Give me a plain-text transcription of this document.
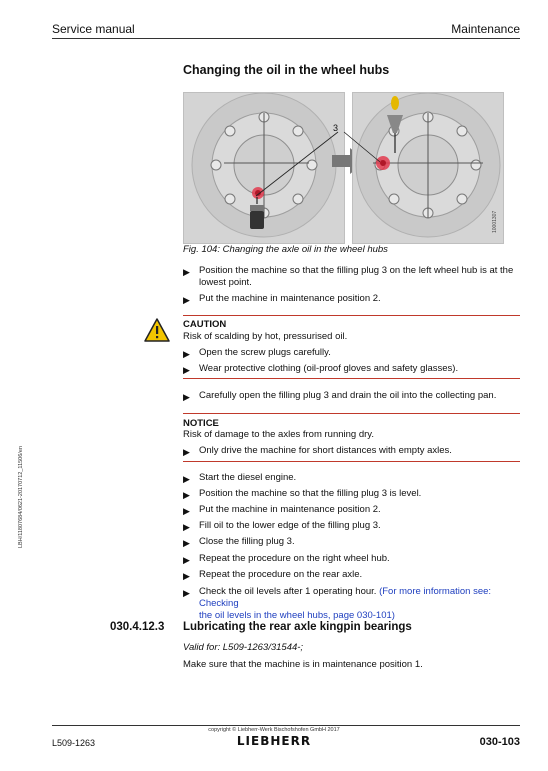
Service manual	Maintenance
Changing the oil in the wheel hubs
10001307
3
Fig. 104: Changing the axle oil in the wheel hubs
▶ Position the machine so that the filling plug 3 on the left wheel hub is at the lowest point.
▶ Put the machine in maintenance position 2.
CAUTION
Risk of scalding by hot, pressurised oil.
▶ Open the screw plugs carefully.
▶ Wear protective clothing (oil-proof gloves and safety glasses).
▶ Carefully open the filling plug 3 and drain the oil into the collecting pan.
NOTICE
Risk of damage to the axles from running dry.
▶ Only drive the machine for short distances with empty axles.
▶ Start the diesel engine.
▶ Position the machine so that the filling plug 3 is level.
▶ Put the machine in maintenance position 2.
▶ Fill oil to the lower edge of the filling plug 3.
▶ Close the filling plug 3.
▶ Repeat the procedure on the right wheel hub.
▶ Repeat the procedure on the rear axle.
▶ Check the oil levels after 1 operating hour. (For more information see: Checking
the oil levels in the wheel hubs, page 030-101)
LBH/11807684/0621-20170712_11506/en
030.4.12.3 Lubricating the rear axle kingpin bearings
Valid for: L509-1263/31544-;
Make sure that the machine is in maintenance position 1.
copyright © Liebherr-Werk Bischofshofen GmbH 2017
LIEBHERR
L509-1263	030-103
